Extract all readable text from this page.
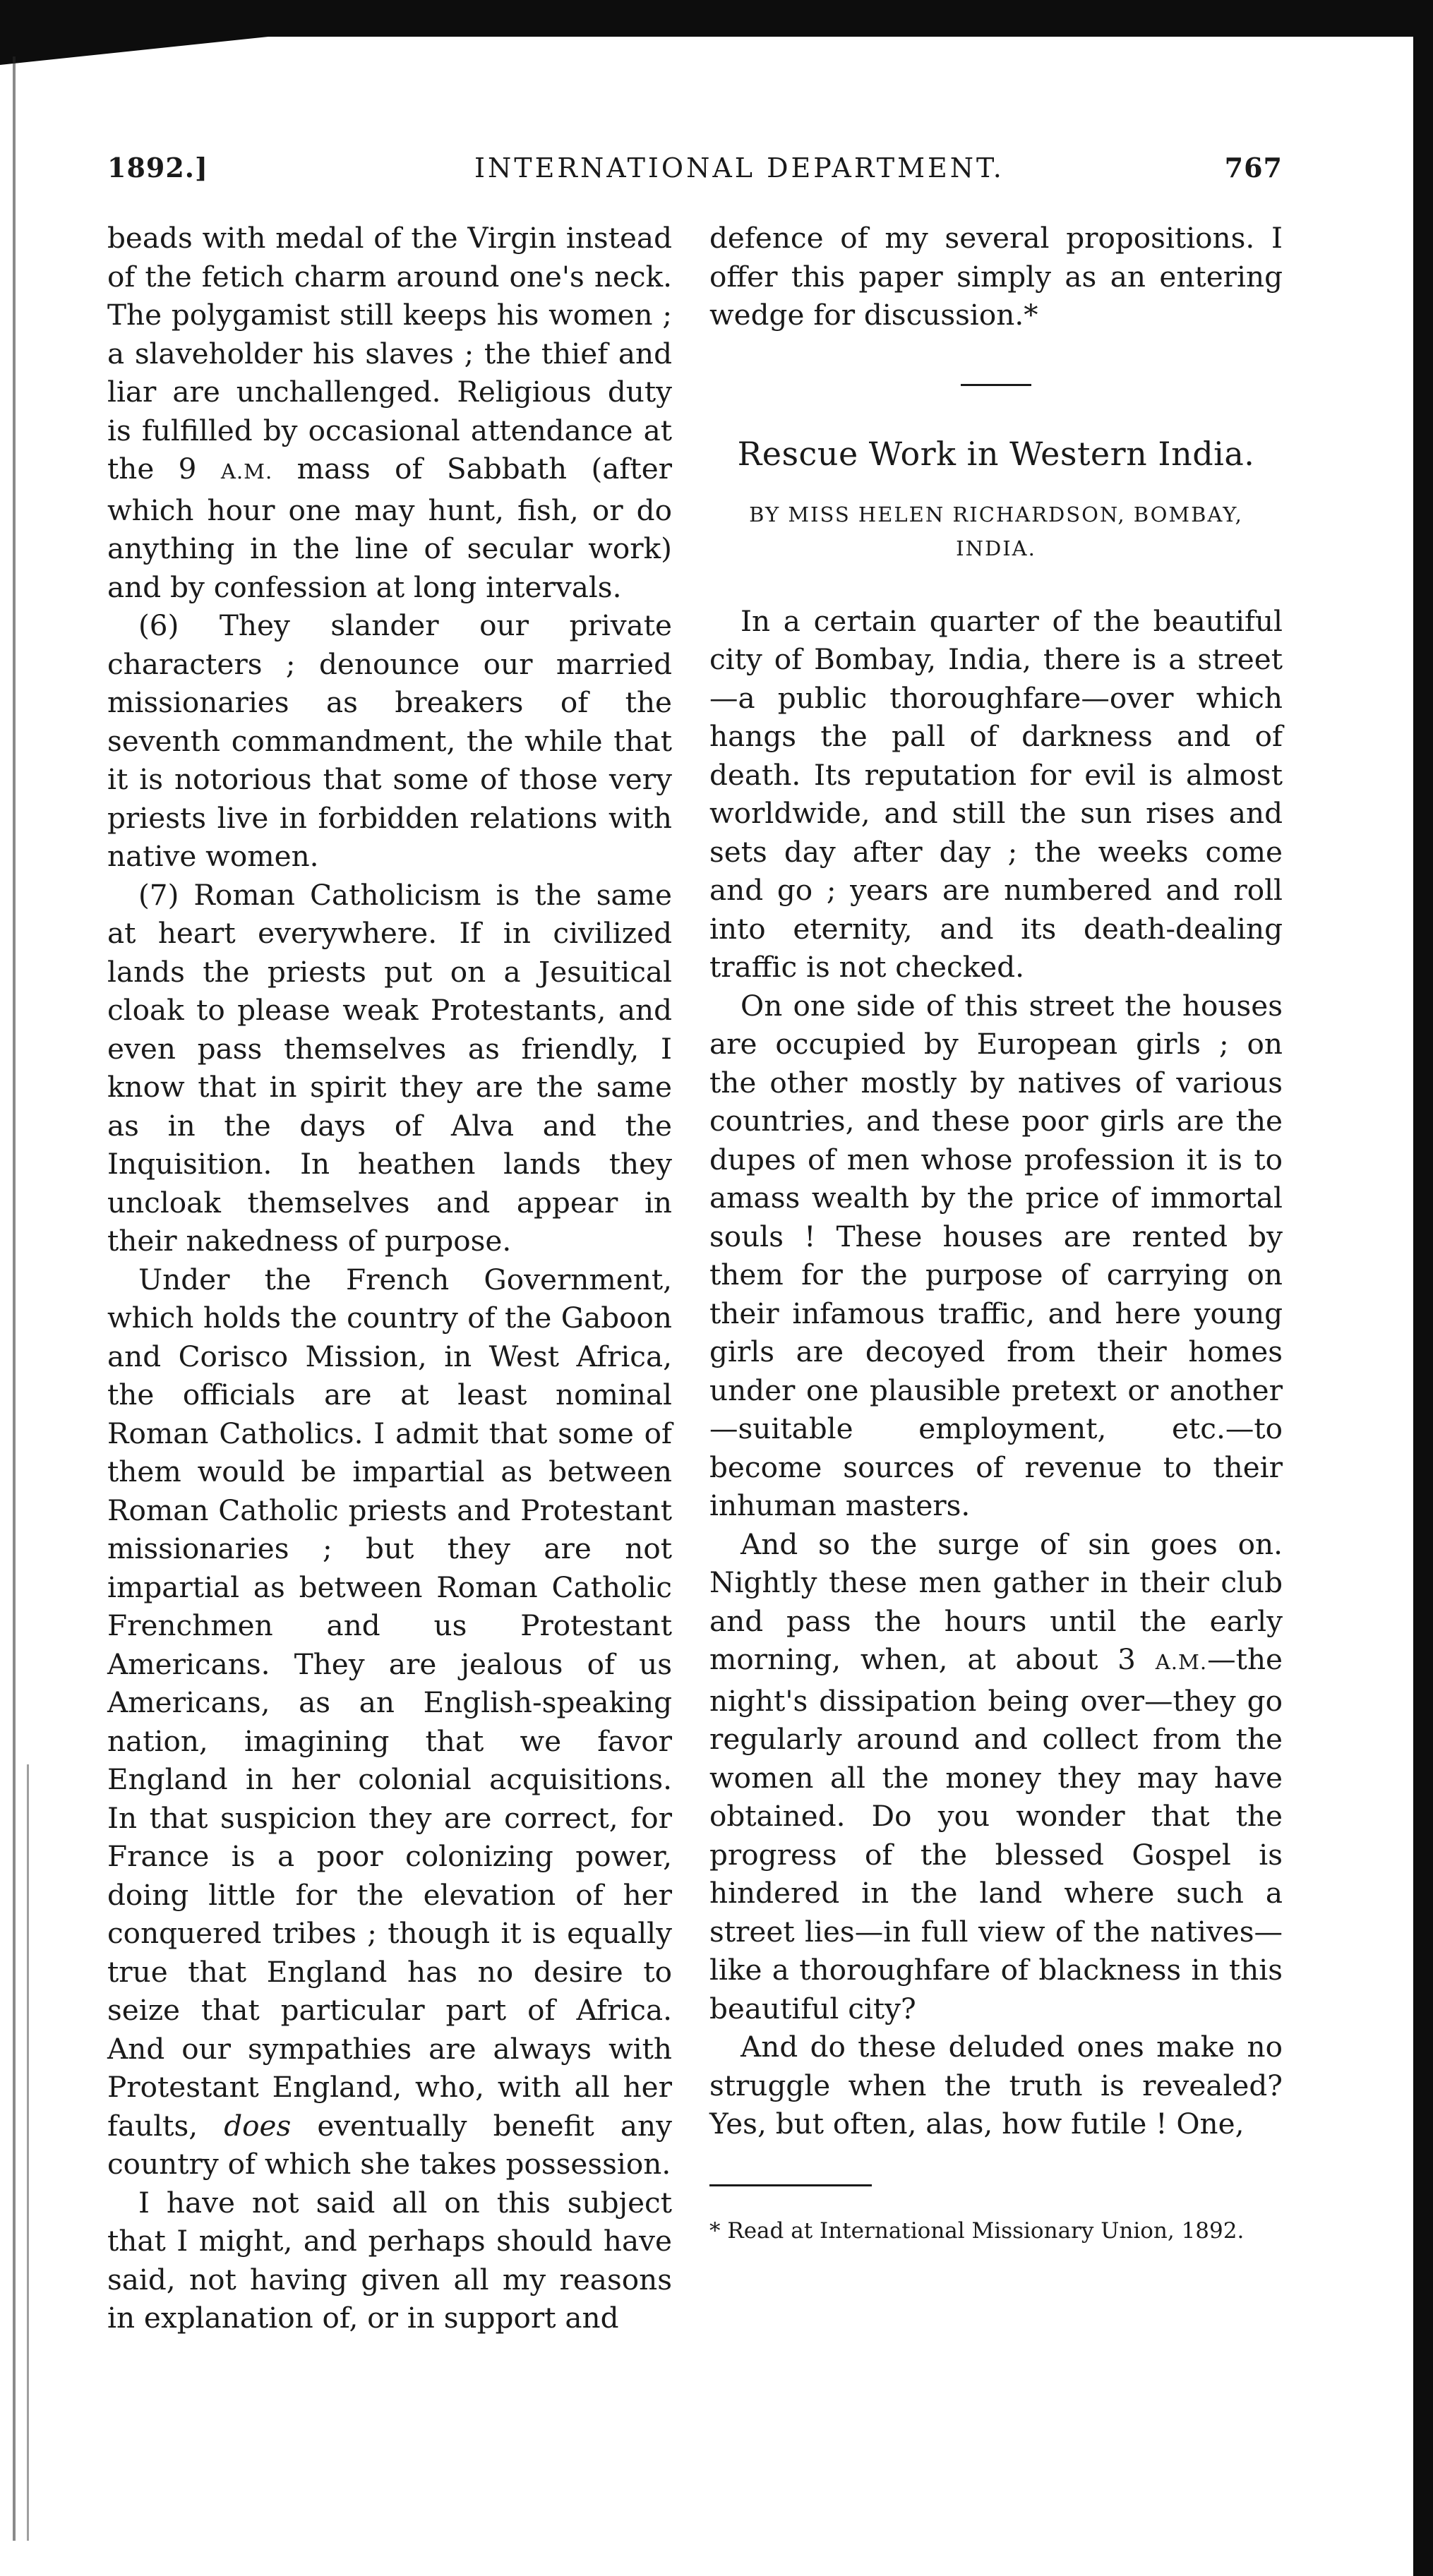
1892.]	INTERNATIONAL DEPARTMENT.	767

beads with medal of the Virgin instead of the fetich charm around one's neck. The polygamist still keeps his women ; a slaveholder his slaves ; the thief and liar are unchallenged. Religious duty is fulfilled by occasional attendance at the 9 A.M. mass of Sabbath (after which hour one may hunt, fish, or do anything in the line of secular work) and by confession at long intervals.

(6) They slander our private characters ; denounce our married missionaries as breakers of the seventh commandment, the while that it is notorious that some of those very priests live in forbidden relations with native women.

(7) Roman Catholicism is the same at heart everywhere. If in civilized lands the priests put on a Jesuitical cloak to please weak Protestants, and even pass themselves as friendly, I know that in spirit they are the same as in the days of Alva and the Inquisition. In heathen lands they uncloak themselves and appear in their nakedness of purpose.

Under the French Government, which holds the country of the Gaboon and Corisco Mission, in West Africa, the officials are at least nominal Roman Catholics. I admit that some of them would be impartial as between Roman Catholic priests and Protestant missionaries ; but they are not impartial as between Roman Catholic Frenchmen and us Protestant Americans. They are jealous of us Americans, as an English-speaking nation, imagining that we favor England in her colonial acquisitions. In that suspicion they are correct, for France is a poor colonizing power, doing little for the elevation of her conquered tribes ; though it is equally true that England has no desire to seize that particular part of Africa. And our sympathies are always with Protestant England, who, with all her faults, does eventually benefit any country of which she takes possession.

I have not said all on this subject that I might, and perhaps should have said, not having given all my reasons in explanation of, or in support and

defence of my several propositions. I offer this paper simply as an entering wedge for discussion.*

Rescue Work in Western India.
BY MISS HELEN RICHARDSON, BOMBAY, INDIA.

In a certain quarter of the beautiful city of Bombay, India, there is a street —a public thoroughfare—over which hangs the pall of darkness and of death. Its reputation for evil is almost worldwide, and still the sun rises and sets day after day ; the weeks come and go ; years are numbered and roll into eternity, and its death-dealing traffic is not checked.

On one side of this street the houses are occupied by European girls ; on the other mostly by natives of various countries, and these poor girls are the dupes of men whose profession it is to amass wealth by the price of immortal souls ! These houses are rented by them for the purpose of carrying on their infamous traffic, and here young girls are decoyed from their homes under one plausible pretext or another—suitable employment, etc.—to become sources of revenue to their inhuman masters.

And so the surge of sin goes on. Nightly these men gather in their club and pass the hours until the early morning, when, at about 3 A.M.—the night's dissipation being over—they go regularly around and collect from the women all the money they may have obtained. Do you wonder that the progress of the blessed Gospel is hindered in the land where such a street lies—in full view of the natives—like a thoroughfare of blackness in this beautiful city?

And do these deluded ones make no struggle when the truth is revealed? Yes, but often, alas, how futile ! One,

* Read at International Missionary Union, 1892.
